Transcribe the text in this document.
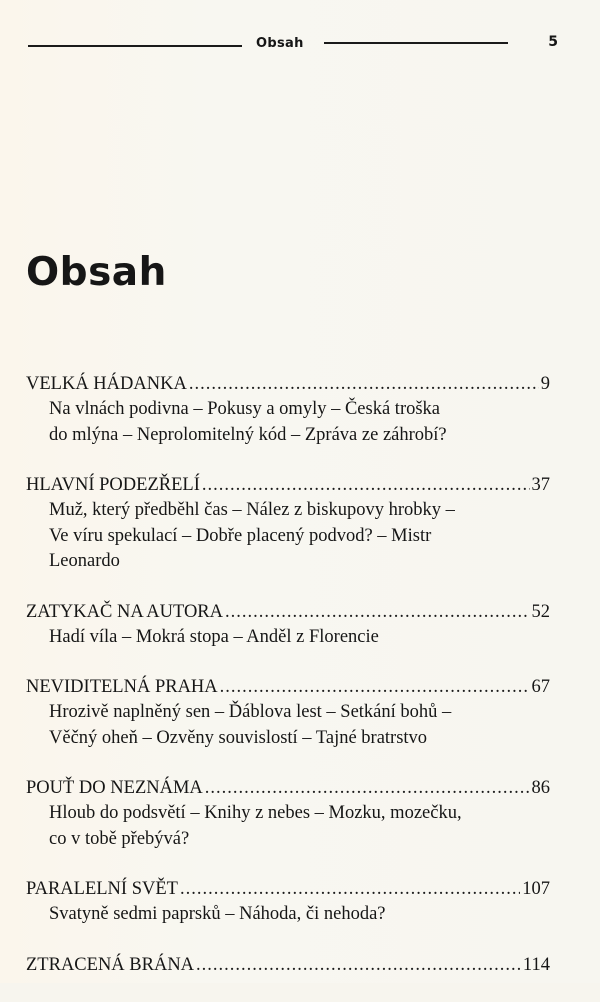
Obsah	5
Obsah
VELKÁ HÁDANKA .....	9
Na vlnách podivna – Pokusy a omyly – Česká troška
do mlýna – Neprolomitelný kód – Zpráva ze záhrobí?
HLAVNÍ PODEZŘELÍ .....	37
Muž, který předběhl čas – Nález z biskupovy hrobky –
Ve víru spekulací – Dobře placený podvod? – Mistr
Leonardo
ZATYKAČ NA AUTORA .....	52
Hadí víla – Mokrá stopa – Anděl z Florencie
NEVIDITELNÁ PRAHA .....	67
Hrozivě naplněný sen – Ďáblova lest – Setkání bohů –
Věčný oheň – Ozvěny souvislostí – Tajné bratrstvo
POUŤ DO NEZNÁMA .....	86
Hloub do podsvětí – Knihy z nebes – Mozku, mozečku,
co v tobě přebývá?
PARALELNÍ SVĚT .....	107
Svatyně sedmi paprsků – Náhoda, či nehoda?
ZTRACENÁ BRÁNA .....	114
